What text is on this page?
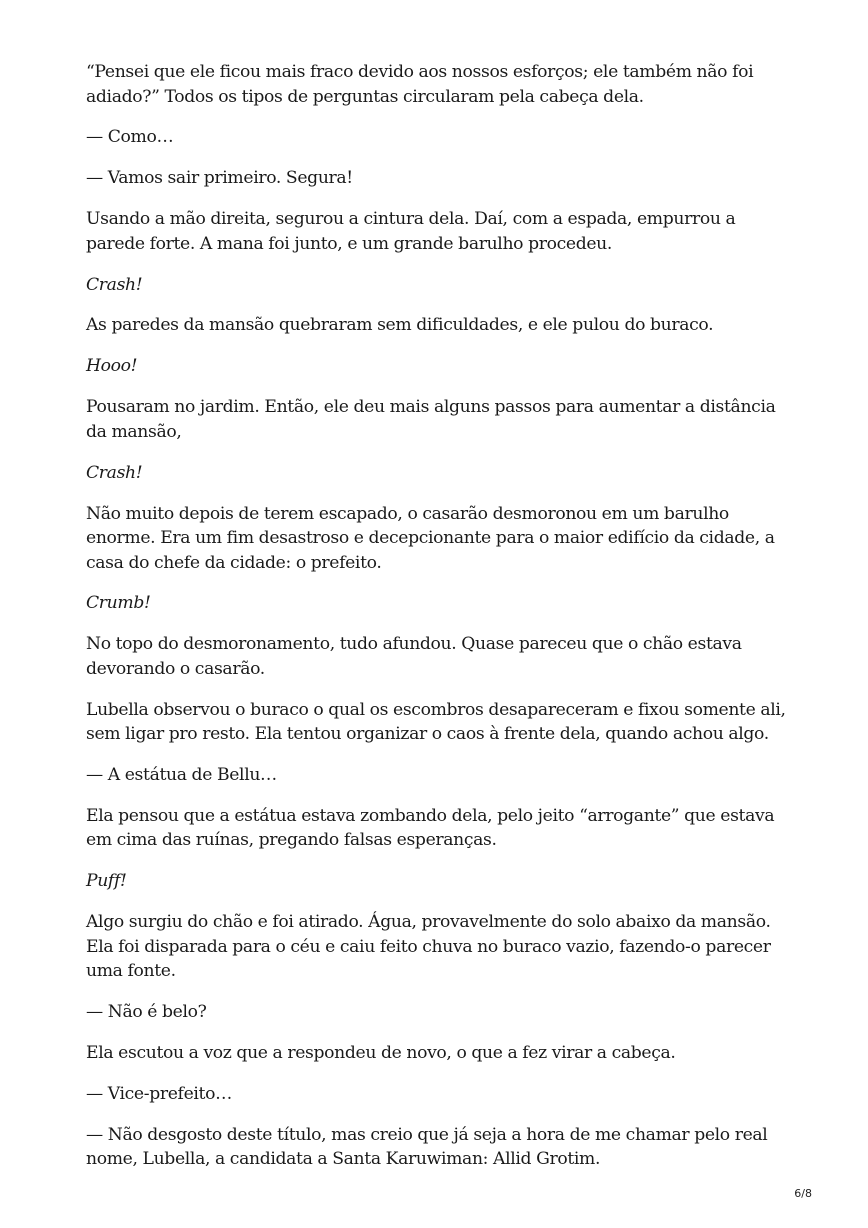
“Pensei que ele ficou mais fraco devido aos nossos esforços; ele também não foi adiado?” Todos os tipos de perguntas circularam pela cabeça dela.

— Como…

— Vamos sair primeiro. Segura!

Usando a mão direita, segurou a cintura dela. Daí, com a espada, empurrou a parede forte. A mana foi junto, e um grande barulho procedeu.

Crash!

As paredes da mansão quebraram sem dificuldades, e ele pulou do buraco.

Hooo!

Pousaram no jardim. Então, ele deu mais alguns passos para aumentar a distância da mansão,

Crash!

Não muito depois de terem escapado, o casarão desmoronou em um barulho enorme. Era um fim desastroso e decepcionante para o maior edifício da cidade, a casa do chefe da cidade: o prefeito.

Crumb!

No topo do desmoronamento, tudo afundou. Quase pareceu que o chão estava devorando o casarão.

Lubella observou o buraco o qual os escombros desapareceram e fixou somente ali, sem ligar pro resto. Ela tentou organizar o caos à frente dela, quando achou algo.

— A estátua de Bellu…

Ela pensou que a estátua estava zombando dela, pelo jeito “arrogante” que estava em cima das ruínas, pregando falsas esperanças.

Puff!

Algo surgiu do chão e foi atirado. Água, provavelmente do solo abaixo da mansão. Ela foi disparada para o céu e caiu feito chuva no buraco vazio, fazendo-o parecer uma fonte.

— Não é belo?

Ela escutou a voz que a respondeu de novo, o que a fez virar a cabeça.

— Vice-prefeito…

— Não desgosto deste título, mas creio que já seja a hora de me chamar pelo real nome, Lubella, a candidata a Santa Karuwiman: Allid Grotim.

6/8
